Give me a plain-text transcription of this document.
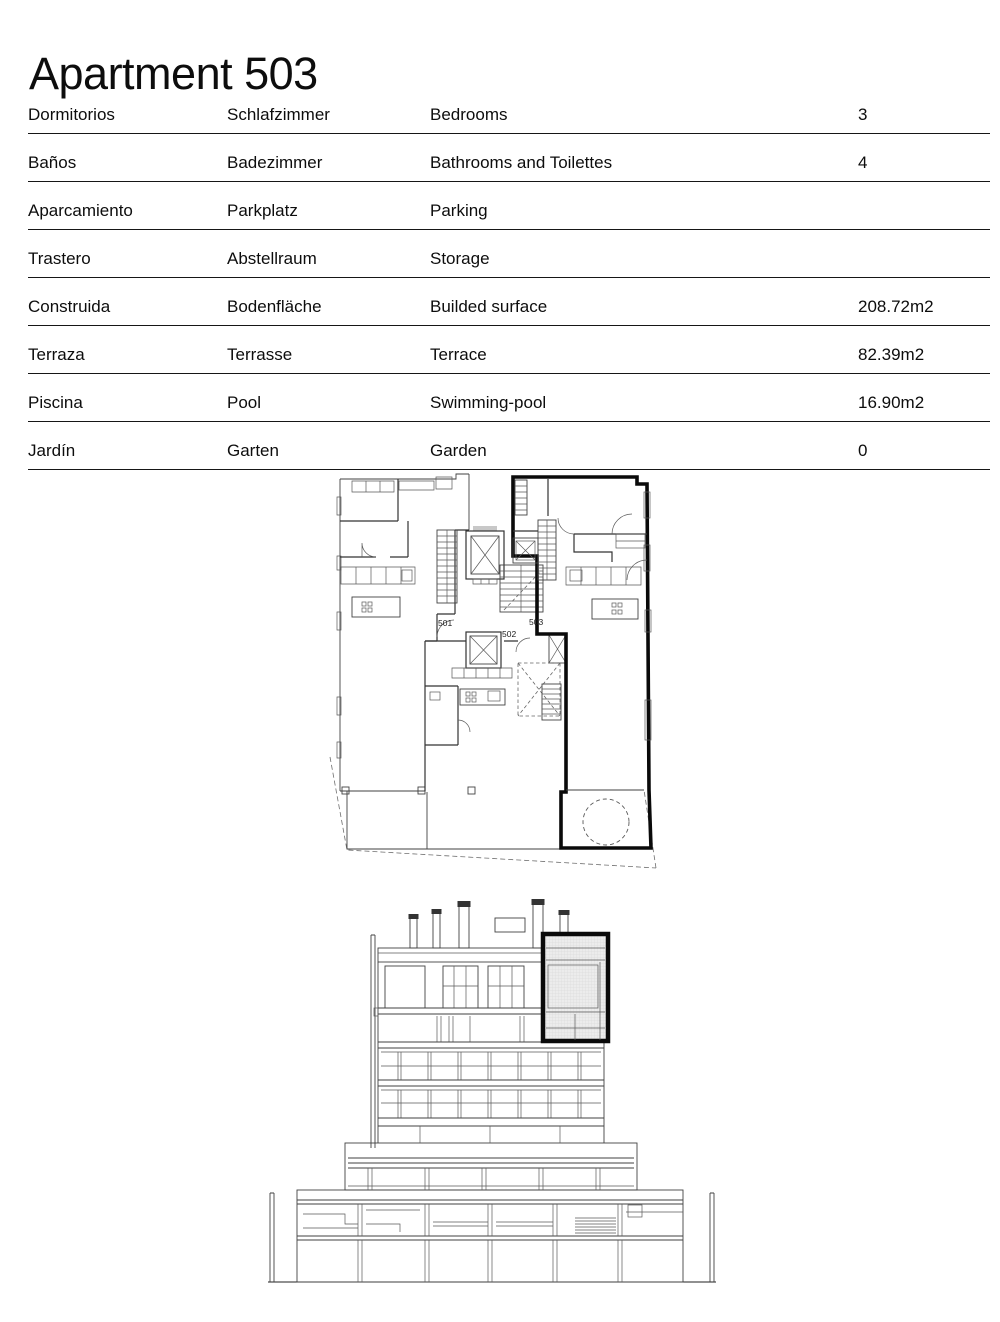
Apartment 503
Dormitorios	Schlafzimmer	Bedrooms	3
Baños	Badezimmer	Bathrooms and Toilettes	4
Aparcamiento	Parkplatz	Parking	
Trastero	Abstellraum	Storage	
Construida	Bodenfläche	Builded surface	208.72m2
Terraza	Terrasse	Terrace	82.39m2
Piscina	Pool	Swimming-pool	16.90m2
Jardín	Garten	Garden	0
501
502
503
